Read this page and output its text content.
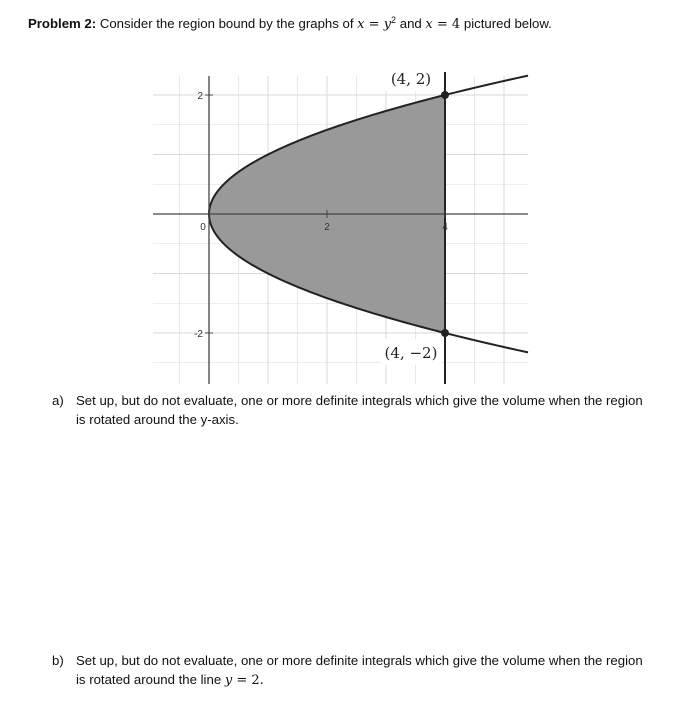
Problem 2: Consider the region bound by the graphs of $x = y^2$ and x = 4 pictured below.
0	2	4
2
-2
(4, 2)
(4, −2)
a) Set up, but do not evaluate, one or more definite integrals which give the volume when the region is rotated around the y-axis.
b) Set up, but do not evaluate, one or more definite integrals which give the volume when the region is rotated around the line y = 2.
